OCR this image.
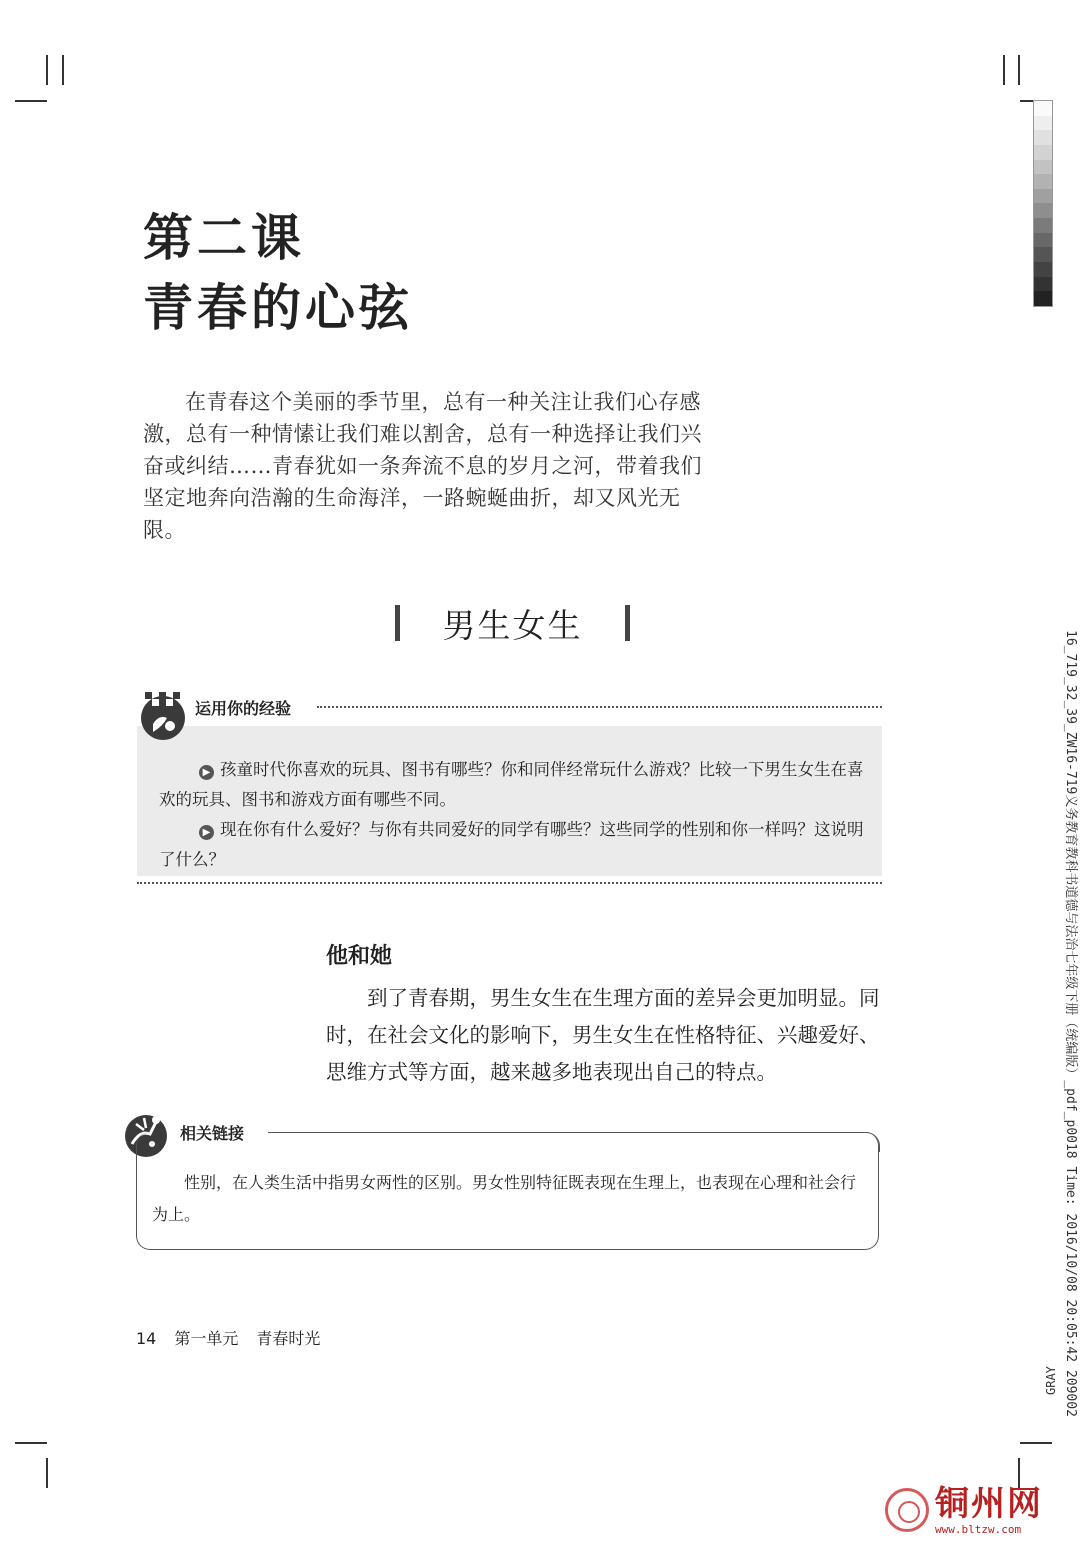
第二课
青春的心弦

在青春这个美丽的季节里，总有一种关注让我们心存感激，总有一种情愫让我们难以割舍，总有一种选择让我们兴奋或纠结……青春犹如一条奔流不息的岁月之河，带着我们坚定地奔向浩瀚的生命海洋，一路蜿蜒曲折，却又风光无限。

男生女生
运用你的经验

▶ 孩童时代你喜欢的玩具、图书有哪些？你和同伴经常玩什么游戏？比较一下男生女生在喜欢的玩具、图书和游戏方面有哪些不同。

▶ 现在你有什么爱好？与你有共同爱好的同学有哪些？这些同学的性别和你一样吗？这说明了什么？

他和她

到了青春期，男生女生在生理方面的差异会更加明显。同时，在社会文化的影响下，男生女生在性格特征、兴趣爱好、思维方式等方面，越来越多地表现出自己的特点。

相关链接

性别，在人类生活中指男女两性的区别。男女性别特征既表现在生理上，也表现在心理和社会行为上。

14 第一单元 青春时光	16_719_32_39_ZW16-719义务教育教科书道德与法治七年级下册（统编版）_pdf_p0018 Time: 2016/10/08 20:05:42 209002
GRAY
铜州网
www.bltzw.com
